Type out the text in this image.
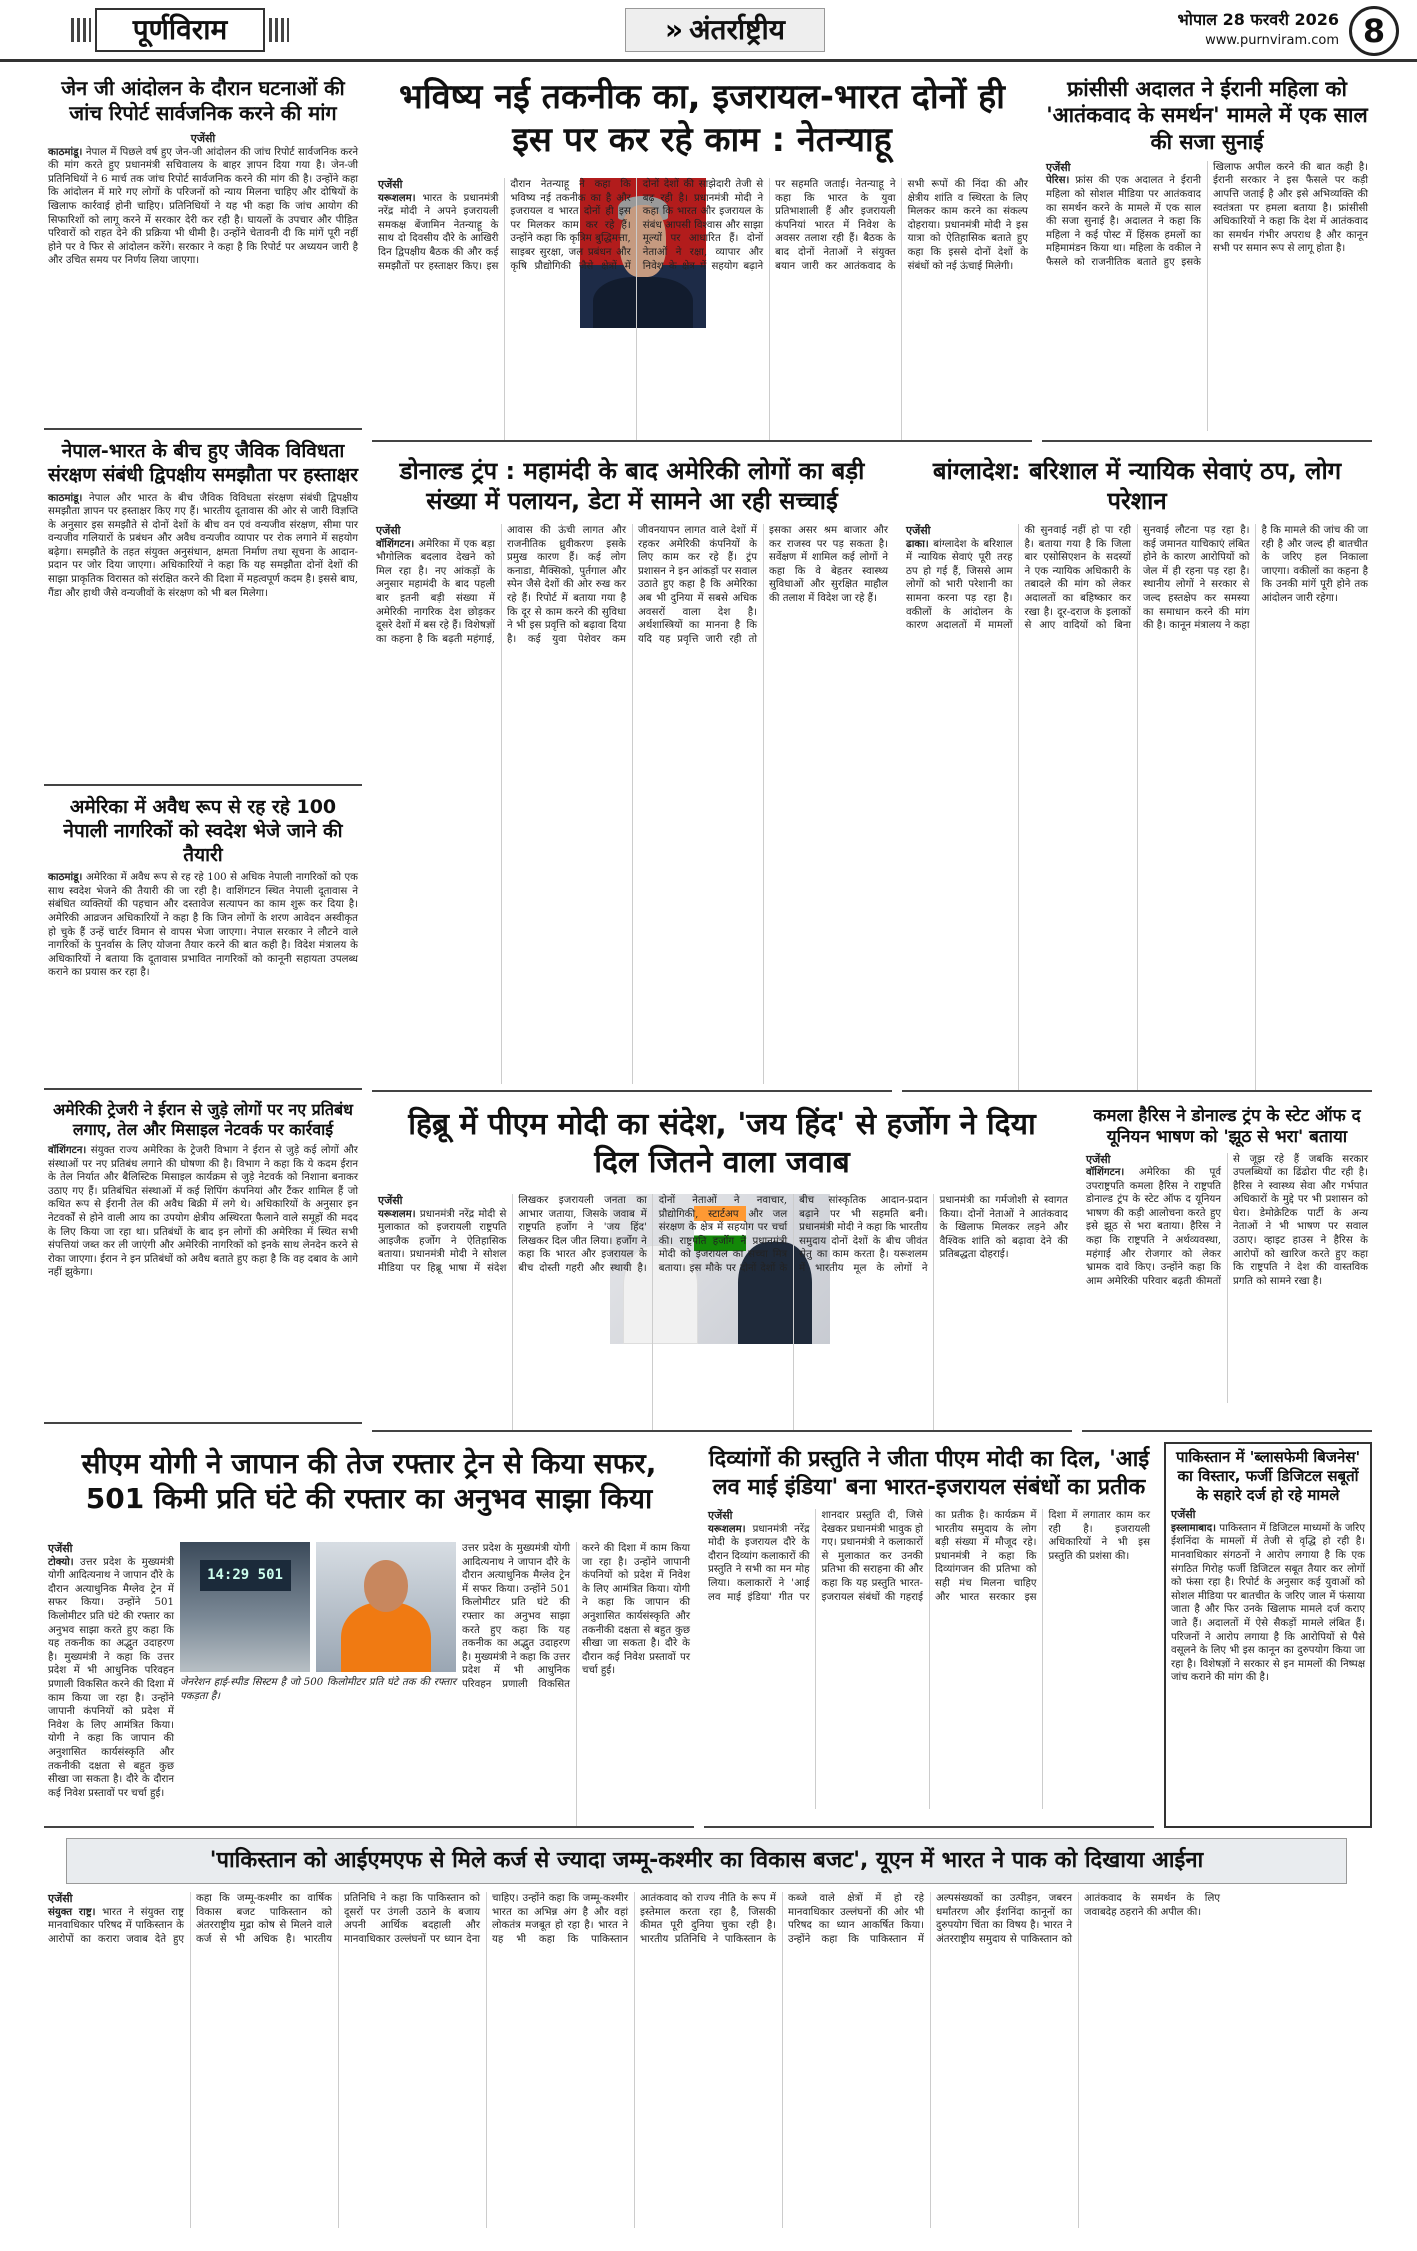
पूर्णविराम	» अंतर्राष्ट्रीय	भोपाल 28 फरवरी 2026
www.purnviram.com 8
जेन जी आंदोलन के दौरान घटनाओं की जांच रिपोर्ट सार्वजनिक करने की मांग
एजेंसी
काठमांडू। नेपाल में पिछले वर्ष हुए जेन-जी आंदोलन की जांच रिपोर्ट सार्वजनिक करने की मांग करते हुए प्रधानमंत्री सचिवालय के बाहर ज्ञापन दिया गया है। जेन-जी प्रतिनिधियों ने 6 मार्च तक जांच रिपोर्ट सार्वजनिक करने की मांग की है। उन्होंने कहा कि आंदोलन में मारे गए लोगों के परिजनों को न्याय मिलना चाहिए और दोषियों के खिलाफ कार्रवाई होनी चाहिए। प्रतिनिधियों ने यह भी कहा कि जांच आयोग की सिफारिशों को लागू करने में सरकार देरी कर रही है। घायलों के उपचार और पीड़ित परिवारों को राहत देने की प्रक्रिया भी धीमी है। उन्होंने चेतावनी दी कि मांगें पूरी नहीं होने पर वे फिर से आंदोलन करेंगे। सरकार ने कहा है कि रिपोर्ट पर अध्ययन जारी है और उचित समय पर निर्णय लिया जाएगा।
नेपाल-भारत के बीच हुए जैविक विविधता संरक्षण संबंधी द्विपक्षीय समझौता पर हस्ताक्षर
काठमांडू। नेपाल और भारत के बीच जैविक विविधता संरक्षण संबंधी द्विपक्षीय समझौता ज्ञापन पर हस्ताक्षर किए गए हैं। भारतीय दूतावास की ओर से जारी विज्ञप्ति के अनुसार इस समझौते से दोनों देशों के बीच वन एवं वन्यजीव संरक्षण, सीमा पार वन्यजीव गलियारों के प्रबंधन और अवैध वन्यजीव व्यापार पर रोक लगाने में सहयोग बढ़ेगा। समझौते के तहत संयुक्त अनुसंधान, क्षमता निर्माण तथा सूचना के आदान-प्रदान पर जोर दिया जाएगा। अधिकारियों ने कहा कि यह समझौता दोनों देशों की साझा प्राकृतिक विरासत को संरक्षित करने की दिशा में महत्वपूर्ण कदम है। इससे बाघ, गैंडा और हाथी जैसे वन्यजीवों के संरक्षण को भी बल मिलेगा।
अमेरिका में अवैध रूप से रह रहे 100 नेपाली नागरिकों को स्वदेश भेजे जाने की तैयारी
काठमांडू। अमेरिका में अवैध रूप से रह रहे 100 से अधिक नेपाली नागरिकों को एक साथ स्वदेश भेजने की तैयारी की जा रही है। वाशिंगटन स्थित नेपाली दूतावास ने संबंधित व्यक्तियों की पहचान और दस्तावेज सत्यापन का काम शुरू कर दिया है। अमेरिकी आव्रजन अधिकारियों ने कहा है कि जिन लोगों के शरण आवेदन अस्वीकृत हो चुके हैं उन्हें चार्टर विमान से वापस भेजा जाएगा। नेपाल सरकार ने लौटने वाले नागरिकों के पुनर्वास के लिए योजना तैयार करने की बात कही है। विदेश मंत्रालय के अधिकारियों ने बताया कि दूतावास प्रभावित नागरिकों को कानूनी सहायता उपलब्ध कराने का प्रयास कर रहा है।
अमेरिकी ट्रेजरी ने ईरान से जुड़े लोगों पर नए प्रतिबंध लगाए, तेल और मिसाइल नेटवर्क पर कार्रवाई
वॉशिंगटन। संयुक्त राज्य अमेरिका के ट्रेजरी विभाग ने ईरान से जुड़े कई लोगों और संस्थाओं पर नए प्रतिबंध लगाने की घोषणा की है। विभाग ने कहा कि ये कदम ईरान के तेल निर्यात और बैलिस्टिक मिसाइल कार्यक्रम से जुड़े नेटवर्क को निशाना बनाकर उठाए गए हैं। प्रतिबंधित संस्थाओं में कई शिपिंग कंपनियां और टैंकर शामिल हैं जो कथित रूप से ईरानी तेल की अवैध बिक्री में लगे थे। अधिकारियों के अनुसार इन नेटवर्कों से होने वाली आय का उपयोग क्षेत्रीय अस्थिरता फैलाने वाले समूहों की मदद के लिए किया जा रहा था। प्रतिबंधों के बाद इन लोगों की अमेरिका में स्थित सभी संपत्तियां जब्त कर ली जाएंगी और अमेरिकी नागरिकों को इनके साथ लेनदेन करने से रोका जाएगा। ईरान ने इन प्रतिबंधों को अवैध बताते हुए कहा है कि वह दबाव के आगे नहीं झुकेगा।
भविष्य नई तकनीक का, इजरायल-भारत दोनों ही इस पर कर रहे काम : नेतन्याहू
एजेंसी
यरूशलम। भारत के प्रधानमंत्री नरेंद्र मोदी ने अपने इजरायली समकक्ष बेंजामिन नेतन्याहू के साथ दो दिवसीय दौरे के आखिरी दिन द्विपक्षीय बैठक की और कई समझौतों पर हस्ताक्षर किए। इस दौरान नेतन्याहू ने कहा कि भविष्य नई तकनीक का है और इजरायल व भारत दोनों ही इस पर मिलकर काम कर रहे हैं। उन्होंने कहा कि कृत्रिम बुद्धिमत्ता, साइबर सुरक्षा, जल प्रबंधन और कृषि प्रौद्योगिकी जैसे क्षेत्रों में दोनों देशों की साझेदारी तेजी से बढ़ रही है। प्रधानमंत्री मोदी ने कहा कि भारत और इजरायल के संबंध आपसी विश्वास और साझा मूल्यों पर आधारित हैं। दोनों नेताओं ने रक्षा, व्यापार और निवेश के क्षेत्र में सहयोग बढ़ाने पर सहमति जताई। नेतन्याहू ने कहा कि भारत के युवा प्रतिभाशाली हैं और इजरायली कंपनियां भारत में निवेश के अवसर तलाश रही हैं। बैठक के बाद दोनों नेताओं ने संयुक्त बयान जारी कर आतंकवाद के सभी रूपों की निंदा की और क्षेत्रीय शांति व स्थिरता के लिए मिलकर काम करने का संकल्प दोहराया। प्रधानमंत्री मोदी ने इस यात्रा को ऐतिहासिक बताते हुए कहा कि इससे दोनों देशों के संबंधों को नई ऊंचाई मिलेगी।
फ्रांसीसी अदालत ने ईरानी महिला को 'आतंकवाद के समर्थन' मामले में एक साल की सजा सुनाई
एजेंसी
पेरिस। फ्रांस की एक अदालत ने ईरानी महिला को सोशल मीडिया पर आतंकवाद का समर्थन करने के मामले में एक साल की सजा सुनाई है। अदालत ने कहा कि महिला ने कई पोस्ट में हिंसक हमलों का महिमामंडन किया था। महिला के वकील ने फैसले को राजनीतिक बताते हुए इसके खिलाफ अपील करने की बात कही है। ईरानी सरकार ने इस फैसले पर कड़ी आपत्ति जताई है और इसे अभिव्यक्ति की स्वतंत्रता पर हमला बताया है। फ्रांसीसी अधिकारियों ने कहा कि देश में आतंकवाद का समर्थन गंभीर अपराध है और कानून सभी पर समान रूप से लागू होता है।
डोनाल्ड ट्रंप : महामंदी के बाद अमेरिकी लोगों का बड़ी संख्या में पलायन, डेटा में सामने आ रही सच्चाई
एजेंसी
वॉशिंगटन। अमेरिका में एक बड़ा भौगोलिक बदलाव देखने को मिल रहा है। नए आंकड़ों के अनुसार महामंदी के बाद पहली बार इतनी बड़ी संख्या में अमेरिकी नागरिक देश छोड़कर दूसरे देशों में बस रहे हैं। विशेषज्ञों का कहना है कि बढ़ती महंगाई, आवास की ऊंची लागत और राजनीतिक ध्रुवीकरण इसके प्रमुख कारण हैं। कई लोग कनाडा, मैक्सिको, पुर्तगाल और स्पेन जैसे देशों की ओर रुख कर रहे हैं। रिपोर्ट में बताया गया है कि दूर से काम करने की सुविधा ने भी इस प्रवृत्ति को बढ़ावा दिया है। कई युवा पेशेवर कम जीवनयापन लागत वाले देशों में रहकर अमेरिकी कंपनियों के लिए काम कर रहे हैं। ट्रंप प्रशासन ने इन आंकड़ों पर सवाल उठाते हुए कहा है कि अमेरिका अब भी दुनिया में सबसे अधिक अवसरों वाला देश है। अर्थशास्त्रियों का मानना है कि यदि यह प्रवृत्ति जारी रही तो इसका असर श्रम बाजार और कर राजस्व पर पड़ सकता है। सर्वेक्षण में शामिल कई लोगों ने कहा कि वे बेहतर स्वास्थ्य सुविधाओं और सुरक्षित माहौल की तलाश में विदेश जा रहे हैं।
बांग्लादेश: बरिशाल में न्यायिक सेवाएं ठप, लोग परेशान
एजेंसी
ढाका। बांग्लादेश के बरिशाल में न्यायिक सेवाएं पूरी तरह ठप हो गई हैं, जिससे आम लोगों को भारी परेशानी का सामना करना पड़ रहा है। वकीलों के आंदोलन के कारण अदालतों में मामलों की सुनवाई नहीं हो पा रही है। बताया गया है कि जिला बार एसोसिएशन के सदस्यों ने एक न्यायिक अधिकारी के तबादले की मांग को लेकर अदालतों का बहिष्कार कर रखा है। दूर-दराज के इलाकों से आए वादियों को बिना सुनवाई लौटना पड़ रहा है। कई जमानत याचिकाएं लंबित होने के कारण आरोपियों को जेल में ही रहना पड़ रहा है। स्थानीय लोगों ने सरकार से जल्द हस्तक्षेप कर समस्या का समाधान करने की मांग की है। कानून मंत्रालय ने कहा है कि मामले की जांच की जा रही है और जल्द ही बातचीत के जरिए हल निकाला जाएगा। वकीलों का कहना है कि उनकी मांगें पूरी होने तक आंदोलन जारी रहेगा।
हिब्रू में पीएम मोदी का संदेश, 'जय हिंद' से हर्जोग ने दिया दिल जितने वाला जवाब
एजेंसी
यरूशलम। प्रधानमंत्री नरेंद्र मोदी से मुलाकात को इजरायली राष्ट्रपति आइजैक हर्जोग ने ऐतिहासिक बताया। प्रधानमंत्री मोदी ने सोशल मीडिया पर हिब्रू भाषा में संदेश लिखकर इजरायली जनता का आभार जताया, जिसके जवाब में राष्ट्रपति हर्जोग ने 'जय हिंद' लिखकर दिल जीत लिया। हर्जोग ने कहा कि भारत और इजरायल के बीच दोस्ती गहरी और स्थायी है। दोनों नेताओं ने नवाचार, प्रौद्योगिकी, स्टार्टअप और जल संरक्षण के क्षेत्र में सहयोग पर चर्चा की। राष्ट्रपति हर्जोग ने प्रधानमंत्री मोदी को इजरायल का सच्चा मित्र बताया। इस मौके पर दोनों देशों के बीच सांस्कृतिक आदान-प्रदान बढ़ाने पर भी सहमति बनी। प्रधानमंत्री मोदी ने कहा कि भारतीय समुदाय दोनों देशों के बीच जीवंत सेतु का काम करता है। यरूशलम में भारतीय मूल के लोगों ने प्रधानमंत्री का गर्मजोशी से स्वागत किया। दोनों नेताओं ने आतंकवाद के खिलाफ मिलकर लड़ने और वैश्विक शांति को बढ़ावा देने की प्रतिबद्धता दोहराई।
कमला हैरिस ने डोनाल्ड ट्रंप के स्टेट ऑफ द यूनियन भाषण को 'झूठ से भरा' बताया
एजेंसी
वॉशिंगटन। अमेरिका की पूर्व उपराष्ट्रपति कमला हैरिस ने राष्ट्रपति डोनाल्ड ट्रंप के स्टेट ऑफ द यूनियन भाषण की कड़ी आलोचना करते हुए इसे झूठ से भरा बताया। हैरिस ने कहा कि राष्ट्रपति ने अर्थव्यवस्था, महंगाई और रोजगार को लेकर भ्रामक दावे किए। उन्होंने कहा कि आम अमेरिकी परिवार बढ़ती कीमतों से जूझ रहे हैं जबकि सरकार उपलब्धियों का ढिंढोरा पीट रही है। हैरिस ने स्वास्थ्य सेवा और गर्भपात अधिकारों के मुद्दे पर भी प्रशासन को घेरा। डेमोक्रेटिक पार्टी के अन्य नेताओं ने भी भाषण पर सवाल उठाए। व्हाइट हाउस ने हैरिस के आरोपों को खारिज करते हुए कहा कि राष्ट्रपति ने देश की वास्तविक प्रगति को सामने रखा है।
सीएम योगी ने जापान की तेज रफ्तार ट्रेन से किया सफर, 501 किमी प्रति घंटे की रफ्तार का अनुभव साझा किया
14:29 501
जेनरेशन हाई-स्पीड सिस्टम है जो 500 किलोमीटर प्रति घंटे तक की रफ्तार पकड़ता है।
एजेंसी
टोक्यो। उत्तर प्रदेश के मुख्यमंत्री योगी आदित्यनाथ ने जापान दौरे के दौरान अत्याधुनिक मैग्लेव ट्रेन में सफर किया। उन्होंने 501 किलोमीटर प्रति घंटे की रफ्तार का अनुभव साझा करते हुए कहा कि यह तकनीक का अद्भुत उदाहरण है। मुख्यमंत्री ने कहा कि उत्तर प्रदेश में भी आधुनिक परिवहन प्रणाली विकसित करने की दिशा में काम किया जा रहा है। उन्होंने जापानी कंपनियों को प्रदेश में निवेश के लिए आमंत्रित किया। योगी ने कहा कि जापान की अनुशासित कार्यसंस्कृति और तकनीकी दक्षता से बहुत कुछ सीखा जा सकता है। दौरे के दौरान कई निवेश प्रस्तावों पर चर्चा हुई।
उत्तर प्रदेश के मुख्यमंत्री योगी आदित्यनाथ ने जापान दौरे के दौरान अत्याधुनिक मैग्लेव ट्रेन में सफर किया। उन्होंने 501 किलोमीटर प्रति घंटे की रफ्तार का अनुभव साझा करते हुए कहा कि यह तकनीक का अद्भुत उदाहरण है। मुख्यमंत्री ने कहा कि उत्तर प्रदेश में भी आधुनिक परिवहन प्रणाली विकसित करने की दिशा में काम किया जा रहा है। उन्होंने जापानी कंपनियों को प्रदेश में निवेश के लिए आमंत्रित किया। योगी ने कहा कि जापान की अनुशासित कार्यसंस्कृति और तकनीकी दक्षता से बहुत कुछ सीखा जा सकता है। दौरे के दौरान कई निवेश प्रस्तावों पर चर्चा हुई।
दिव्यांगों की प्रस्तुति ने जीता पीएम मोदी का दिल, 'आई लव माई इंडिया' बना भारत-इजरायल संबंधों का प्रतीक
एजेंसी
यरूशलम। प्रधानमंत्री नरेंद्र मोदी के इजरायल दौरे के दौरान दिव्यांग कलाकारों की प्रस्तुति ने सभी का मन मोह लिया। कलाकारों ने 'आई लव माई इंडिया' गीत पर शानदार प्रस्तुति दी, जिसे देखकर प्रधानमंत्री भावुक हो गए। प्रधानमंत्री ने कलाकारों से मुलाकात कर उनकी प्रतिभा की सराहना की और कहा कि यह प्रस्तुति भारत-इजरायल संबंधों की गहराई का प्रतीक है। कार्यक्रम में भारतीय समुदाय के लोग बड़ी संख्या में मौजूद रहे। प्रधानमंत्री ने कहा कि दिव्यांगजन की प्रतिभा को सही मंच मिलना चाहिए और भारत सरकार इस दिशा में लगातार काम कर रही है। इजरायली अधिकारियों ने भी इस प्रस्तुति की प्रशंसा की।
पाकिस्तान में 'ब्लासफेमी बिजनेस' का विस्तार, फर्जी डिजिटल सबूतों के सहारे दर्ज हो रहे मामले
एजेंसी
इस्लामाबाद। पाकिस्तान में डिजिटल माध्यमों के जरिए ईशनिंदा के मामलों में तेजी से वृद्धि हो रही है। मानवाधिकार संगठनों ने आरोप लगाया है कि एक संगठित गिरोह फर्जी डिजिटल सबूत तैयार कर लोगों को फंसा रहा है। रिपोर्ट के अनुसार कई युवाओं को सोशल मीडिया पर बातचीत के जरिए जाल में फंसाया जाता है और फिर उनके खिलाफ मामले दर्ज कराए जाते हैं। अदालतों में ऐसे सैकड़ों मामले लंबित हैं। परिजनों ने आरोप लगाया है कि आरोपियों से पैसे वसूलने के लिए भी इस कानून का दुरुपयोग किया जा रहा है। विशेषज्ञों ने सरकार से इन मामलों की निष्पक्ष जांच कराने की मांग की है।
'पाकिस्तान को आईएमएफ से मिले कर्ज से ज्यादा जम्मू-कश्मीर का विकास बजट', यूएन में भारत ने पाक को दिखाया आईना
एजेंसी
संयुक्त राष्ट्र। भारत ने संयुक्त राष्ट्र मानवाधिकार परिषद में पाकिस्तान के आरोपों का करारा जवाब देते हुए कहा कि जम्मू-कश्मीर का वार्षिक विकास बजट पाकिस्तान को अंतरराष्ट्रीय मुद्रा कोष से मिलने वाले कर्ज से भी अधिक है। भारतीय प्रतिनिधि ने कहा कि पाकिस्तान को दूसरों पर उंगली उठाने के बजाय अपनी आर्थिक बदहाली और मानवाधिकार उल्लंघनों पर ध्यान देना चाहिए। उन्होंने कहा कि जम्मू-कश्मीर भारत का अभिन्न अंग है और वहां लोकतंत्र मजबूत हो रहा है। भारत ने यह भी कहा कि पाकिस्तान आतंकवाद को राज्य नीति के रूप में इस्तेमाल करता रहा है, जिसकी कीमत पूरी दुनिया चुका रही है। भारतीय प्रतिनिधि ने पाकिस्तान के कब्जे वाले क्षेत्रों में हो रहे मानवाधिकार उल्लंघनों की ओर भी परिषद का ध्यान आकर्षित किया। उन्होंने कहा कि पाकिस्तान में अल्पसंख्यकों का उत्पीड़न, जबरन धर्मांतरण और ईशनिंदा कानूनों का दुरुपयोग चिंता का विषय है। भारत ने अंतरराष्ट्रीय समुदाय से पाकिस्तान को आतंकवाद के समर्थन के लिए जवाबदेह ठहराने की अपील की।
